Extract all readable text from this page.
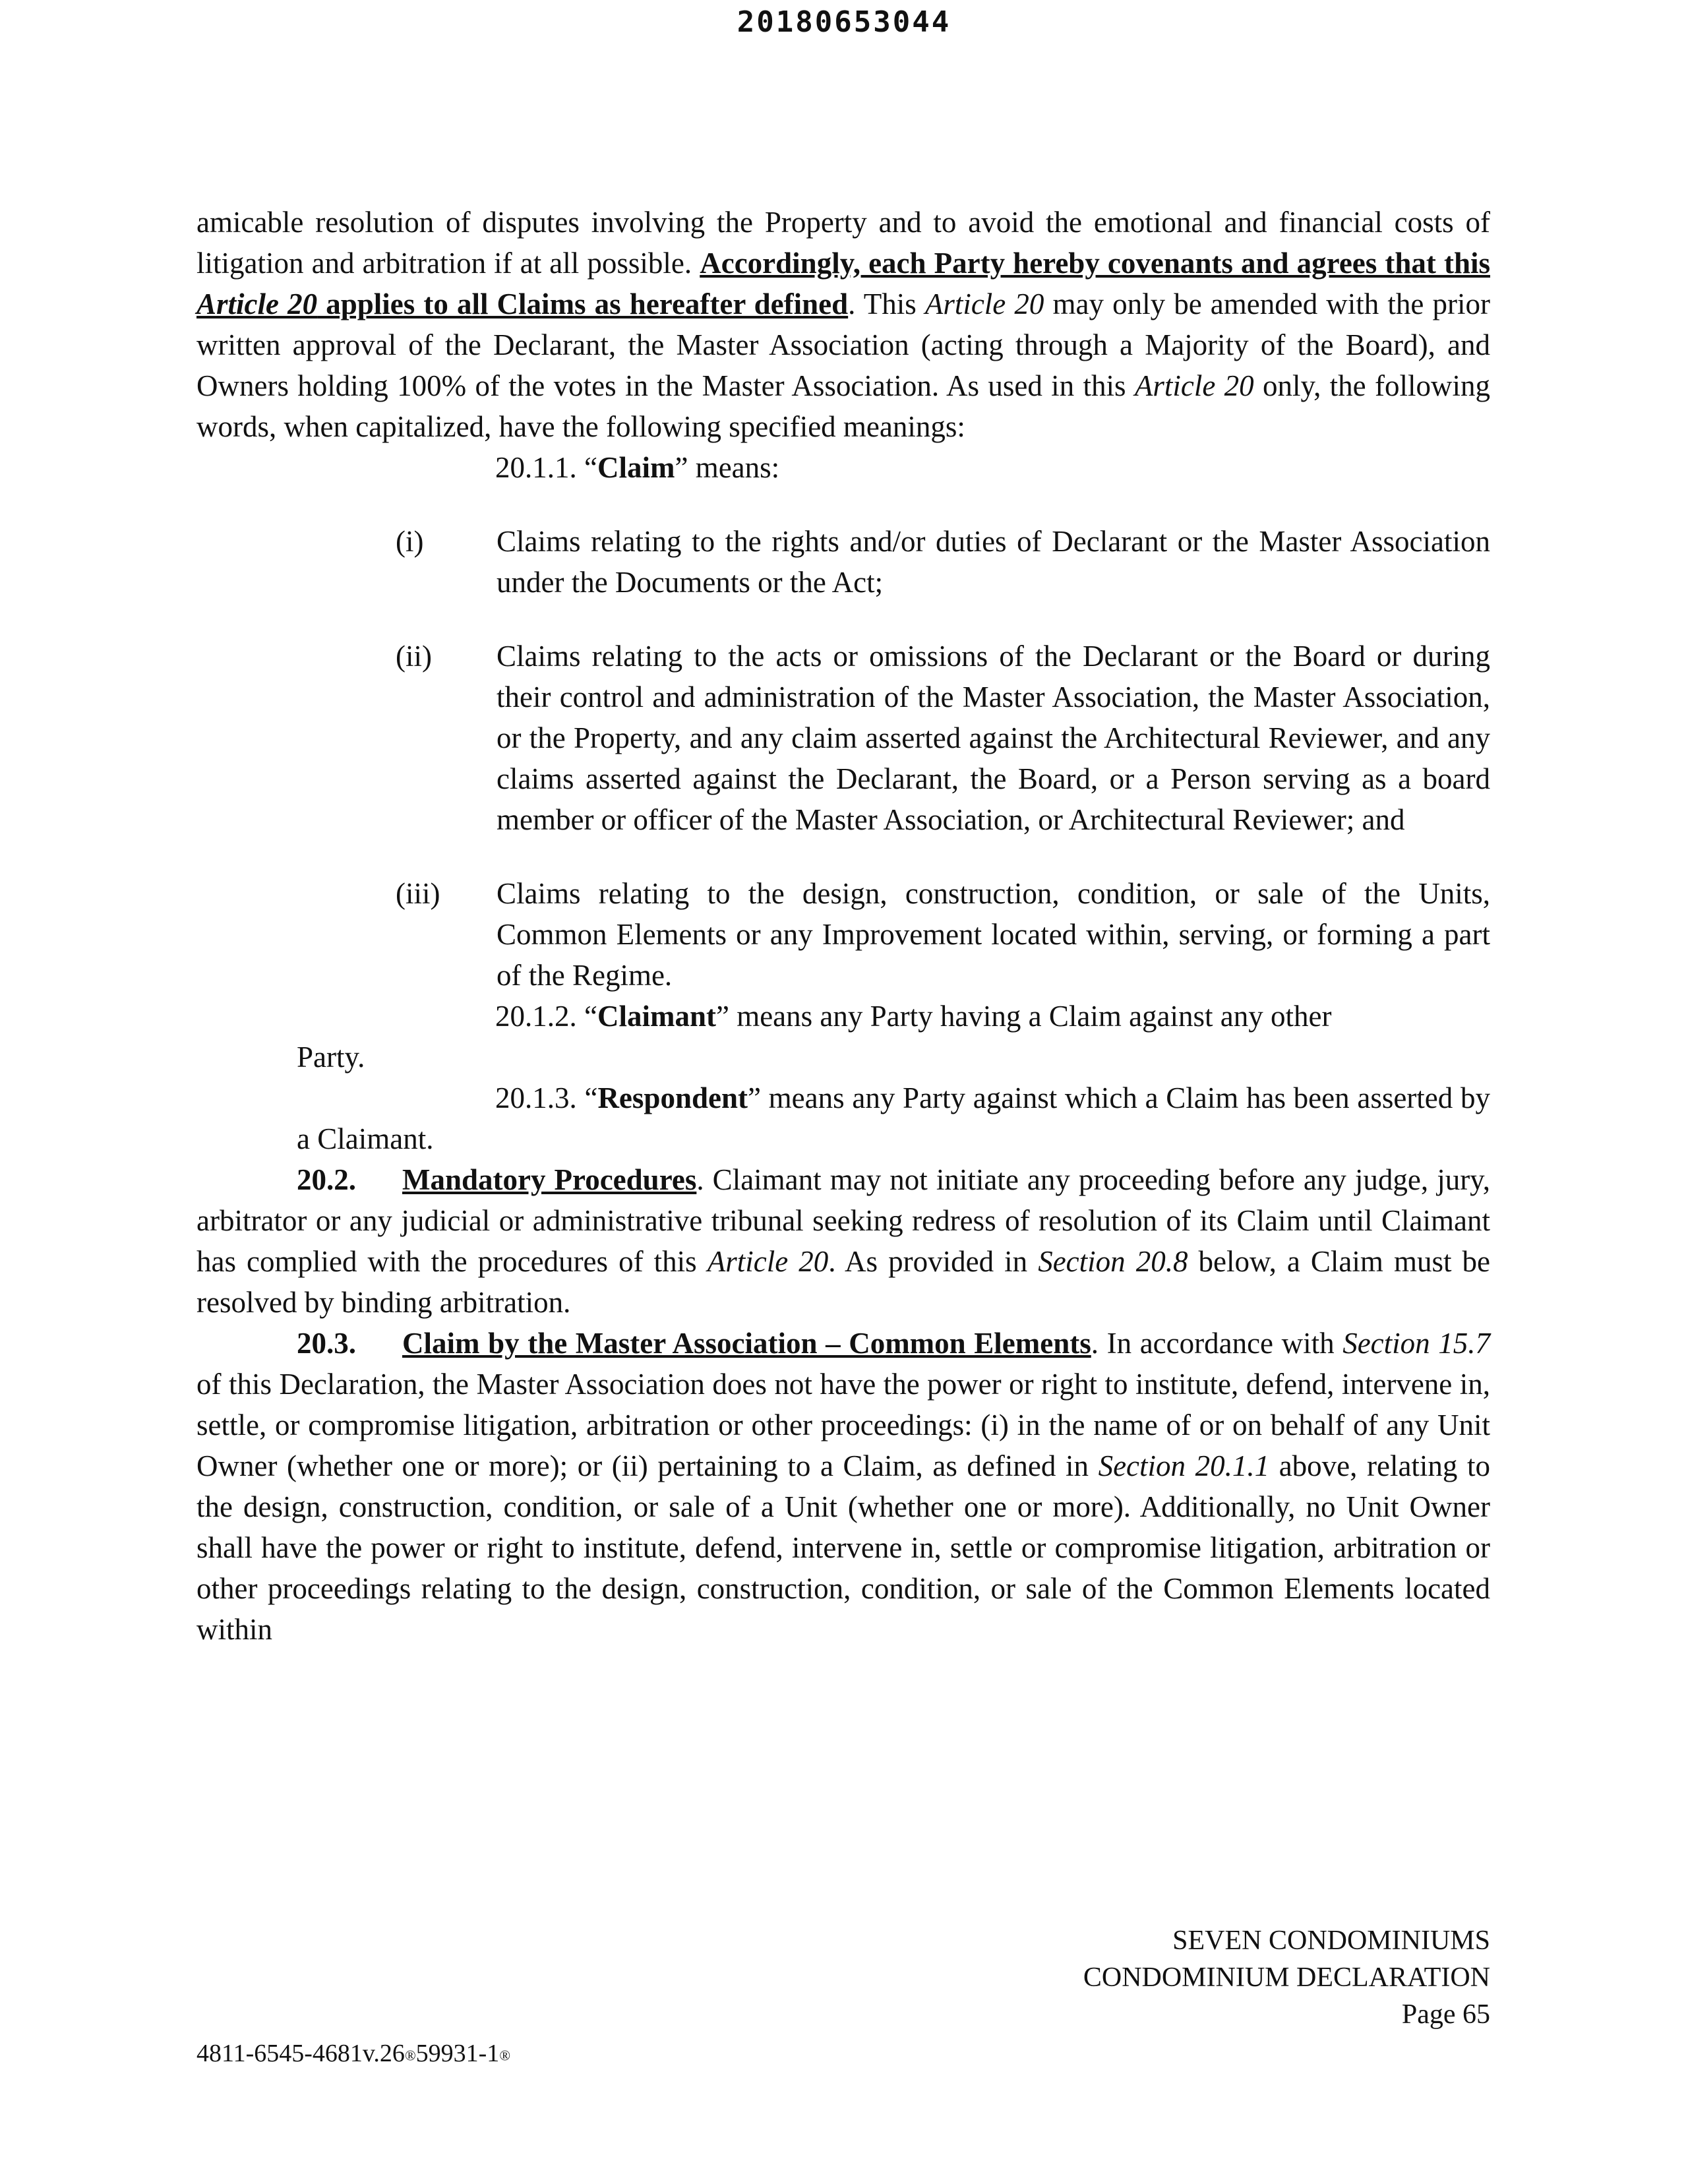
20180653044

amicable resolution of disputes involving the Property and to avoid the emotional and financial costs of litigation and arbitration if at all possible. Accordingly, each Party hereby covenants and agrees that this Article 20 applies to all Claims as hereafter defined. This Article 20 may only be amended with the prior written approval of the Declarant, the Master Association (acting through a Majority of the Board), and Owners holding 100% of the votes in the Master Association. As used in this Article 20 only, the following words, when capitalized, have the following specified meanings:

20.1.1. “Claim” means:

(i)	Claims relating to the rights and/or duties of Declarant or the Master Association under the Documents or the Act;
(ii)	Claims relating to the acts or omissions of the Declarant or the Board or during their control and administration of the Master Association, the Master Association, or the Property, and any claim asserted against the Architectural Reviewer, and any claims asserted against the Declarant, the Board, or a Person serving as a board member or officer of the Master Association, or Architectural Reviewer; and
(iii)	Claims relating to the design, construction, condition, or sale of the Units, Common Elements or any Improvement located within, serving, or forming a part of the Regime.

20.1.2. “Claimant” means any Party having a Claim against any other

Party.

20.1.3. “Respondent” means any Party against which a Claim has been asserted by a Claimant.

20.2. Mandatory Procedures. Claimant may not initiate any proceeding before any judge, jury, arbitrator or any judicial or administrative tribunal seeking redress of resolution of its Claim until Claimant has complied with the procedures of this Article 20. As provided in Section 20.8 below, a Claim must be resolved by binding arbitration.

20.3. Claim by the Master Association – Common Elements. In accordance with Section 15.7 of this Declaration, the Master Association does not have the power or right to institute, defend, intervene in, settle, or compromise litigation, arbitration or other proceedings: (i) in the name of or on behalf of any Unit Owner (whether one or more); or (ii) pertaining to a Claim, as defined in Section 20.1.1 above, relating to the design, construction, condition, or sale of a Unit (whether one or more). Additionally, no Unit Owner shall have the power or right to institute, defend, intervene in, settle or compromise litigation, arbitration or other proceedings relating to the design, construction, condition, or sale of the Common Elements located within

SEVEN CONDOMINIUMS
CONDOMINIUM DECLARATION
Page 65
4811-6545-4681v.26®59931-1®
